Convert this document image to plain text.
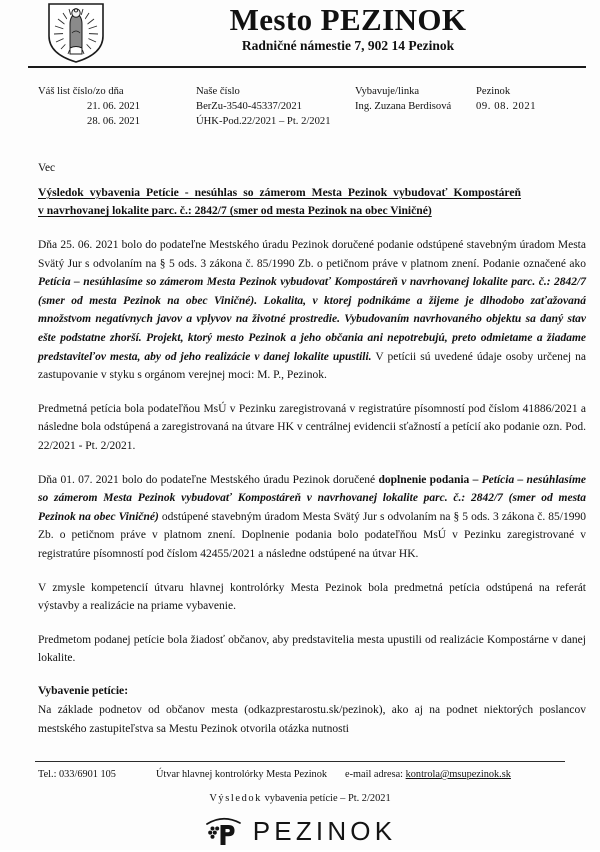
Mesto PEZINOK
Radničné námestie 7, 902 14 Pezinok
Váš list číslo/zo dňa
21. 06. 2021
28. 06. 2021
Naše číslo
BerZu-3540-45337/2021
ÚHK-Pod.22/2021 – Pt. 2/2021
Vybavuje/linka
Ing. Zuzana Berdisová
Pezinok
09. 08. 2021
Vec
Výsledok vybavenia Petície - nesúhlas so zámerom Mesta Pezinok vybudovať Kompostáreň
v navrhovanej lokalite parc. č.: 2842/7 (smer od mesta Pezinok na obec Viničné)

Dňa 25. 06. 2021 bolo do podateľne Mestského úradu Pezinok doručené podanie odstúpené stavebným úradom Mesta Svätý Jur s odvolaním na § 5 ods. 3 zákona č. 85/1990 Zb. o petičnom práve v platnom znení. Podanie označené ako Petícia – nesúhlasíme so zámerom Mesta Pezinok vybudovať Kompostáreň v navrhovanej lokalite parc. č.: 2842/7 (smer od mesta Pezinok na obec Viničné). Lokalita, v ktorej podnikáme a žijeme je dlhodobo zaťažovaná množstvom negatívnych javov a vplyvov na životné prostredie. Vybudovaním navrhovaného objektu sa daný stav ešte podstatne zhorší. Projekt, ktorý mesto Pezinok a jeho občania ani nepotrebujú, preto odmietame a žiadame predstaviteľov mesta, aby od jeho realizácie v danej lokalite upustili. V petícii sú uvedené údaje osoby určenej na zastupovanie v styku s orgánom verejnej moci: M. P., Pezinok.

Predmetná petícia bola podateľňou MsÚ v Pezinku zaregistrovaná v registratúre písomností pod číslom 41886/2021 a následne bola odstúpená a zaregistrovaná na útvare HK v centrálnej evidencii sťažností a petícií ako podanie ozn. Pod. 22/2021 - Pt. 2/2021.

Dňa 01. 07. 2021 bolo do podateľne Mestského úradu Pezinok doručené doplnenie podania – Petícia – nesúhlasíme so zámerom Mesta Pezinok vybudovať Kompostáreň v navrhovanej lokalite parc. č.: 2842/7 (smer od mesta Pezinok na obec Viničné) odstúpené stavebným úradom Mesta Svätý Jur s odvolaním na § 5 ods. 3 zákona č. 85/1990 Zb. o petičnom práve v platnom znení. Doplnenie podania bolo podateľňou MsÚ v Pezinku zaregistrované v registratúre písomností pod číslom 42455/2021 a následne odstúpené na útvar HK.

V zmysle kompetencií útvaru hlavnej kontrolórky Mesta Pezinok bola predmetná petícia odstúpená na referát výstavby a realizácie na priame vybavenie.

Predmetom podanej petície bola žiadosť občanov, aby predstavitelia mesta upustili od realizácie Kompostárne v danej lokalite.

Vybavenie petície:

Na základe podnetov od občanov mesta (odkazprestarostu.sk/pezinok), ako aj na podnet niektorých poslancov mestského zastupiteľstva sa Mestu Pezinok otvorila otázka nutnosti

Tel.: 033/6901 105	Útvar hlavnej kontrolórky Mesta Pezinok e-mail adresa: kontrola@msupezinok.sk
Výsledok vybavenia petície – Pt. 2/2021
PEZINOK
